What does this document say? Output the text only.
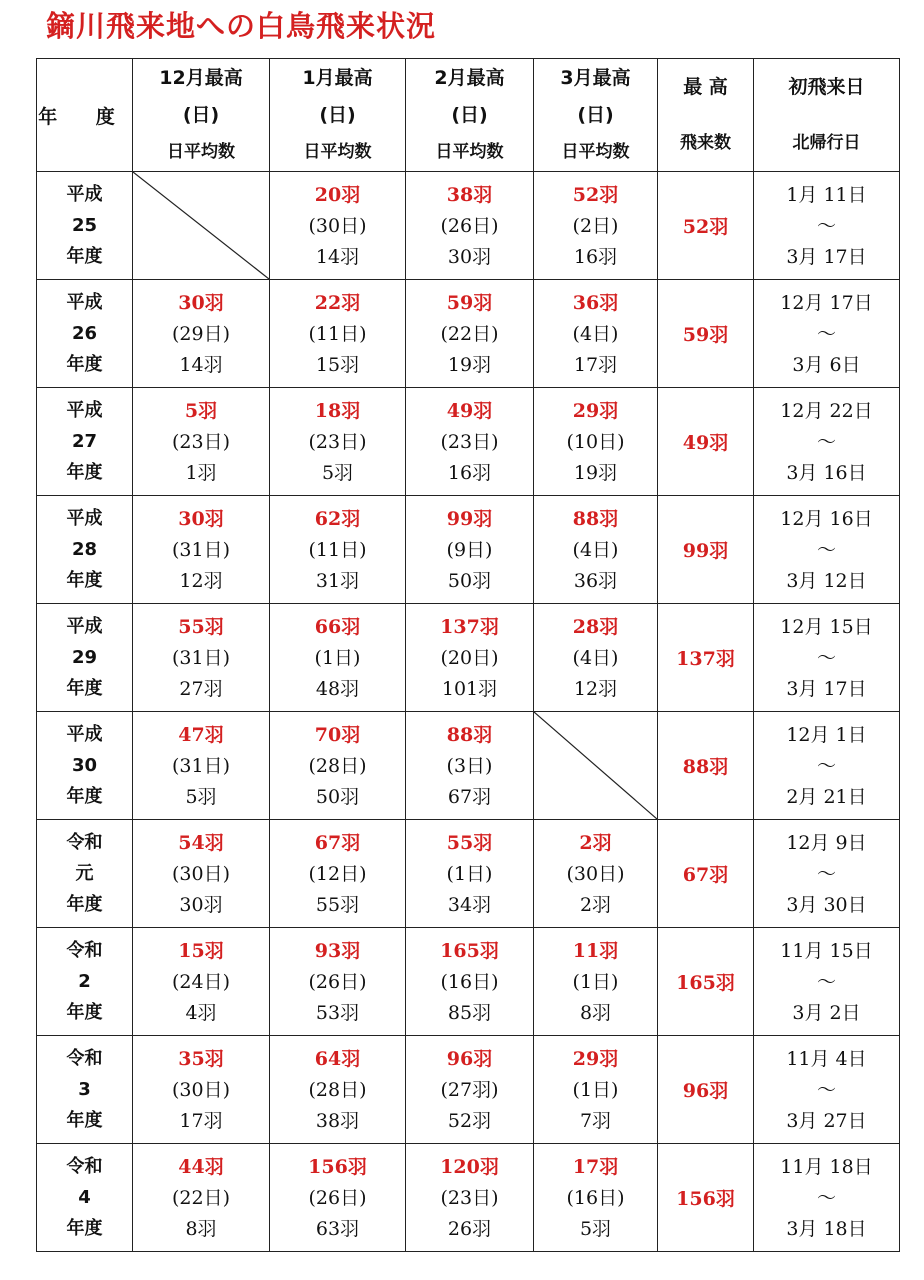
鏑川飛来地への白鳥飛来状況
年 度	12月最高
(日)
日平均数	1月最高
(日)
日平均数	2月最高
(日)
日平均数	3月最高
(日)
日平均数	最 高
飛来数	初飛来日
北帰行日

平成
25
年度		20羽
(30日)
14羽	38羽
(26日)
30羽	52羽
(2日)
16羽	52羽	1月 11日
～
3月 17日

平成
26
年度	30羽
(29日)
14羽	22羽
(11日)
15羽	59羽
(22日)
19羽	36羽
(4日)
17羽	59羽	12月 17日
～
3月 6日

平成
27
年度	5羽
(23日)
1羽	18羽
(23日)
5羽	49羽
(23日)
16羽	29羽
(10日)
19羽	49羽	12月 22日
～
3月 16日

平成
28
年度	30羽
(31日)
12羽	62羽
(11日)
31羽	99羽
(9日)
50羽	88羽
(4日)
36羽	99羽	12月 16日
～
3月 12日

平成
29
年度	55羽
(31日)
27羽	66羽
(1日)
48羽	137羽
(20日)
101羽	28羽
(4日)
12羽	137羽	12月 15日
～
3月 17日

平成
30
年度	47羽
(31日)
5羽	70羽
(28日)
50羽	88羽
(3日)
67羽		88羽	12月 1日
～
2月 21日

令和
元
年度	54羽
(30日)
30羽	67羽
(12日)
55羽	55羽
(1日)
34羽	2羽
(30日)
2羽	67羽	12月 9日
～
3月 30日

令和
2
年度	15羽
(24日)
4羽	93羽
(26日)
53羽	165羽
(16日)
85羽	11羽
(1日)
8羽	165羽	11月 15日
～
3月 2日

令和
3
年度	35羽
(30日)
17羽	64羽
(28日)
38羽	96羽
(27羽)
52羽	29羽
(1日)
7羽	96羽	11月 4日
～
3月 27日

令和
4
年度	44羽
(22日)
8羽	156羽
(26日)
63羽	120羽
(23日)
26羽	17羽
(16日)
5羽	156羽	11月 18日
～
3月 18日
